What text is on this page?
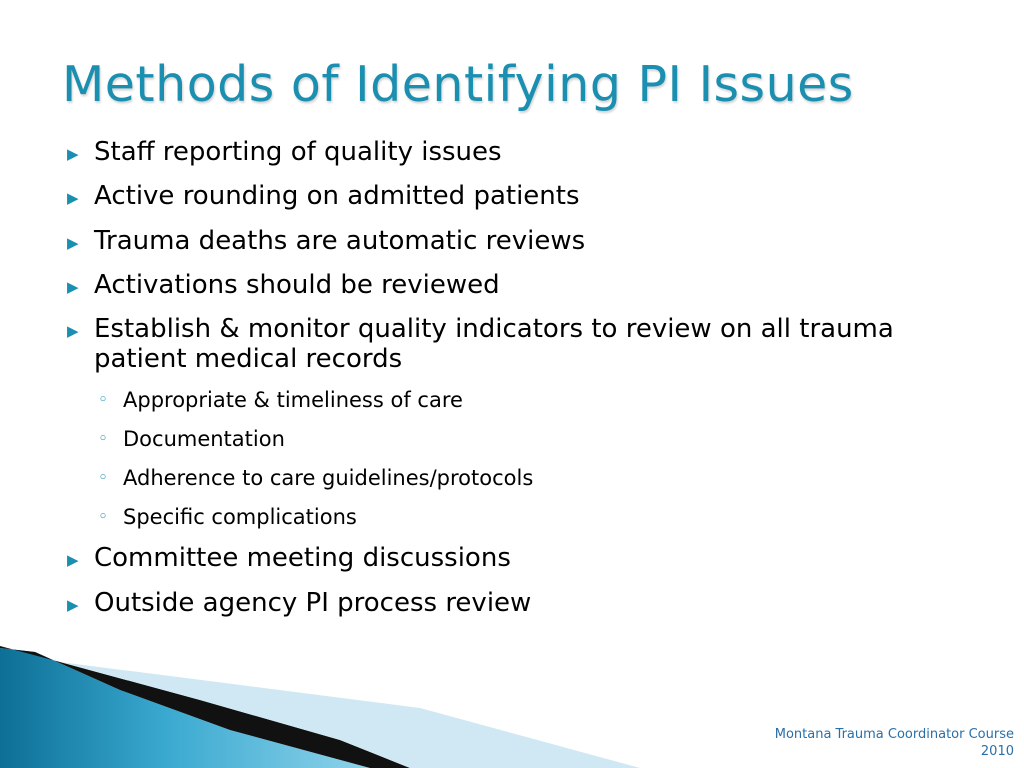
Methods of Identifying PI Issues
▶ Staff reporting of quality issues
▶ Active rounding on admitted patients
▶ Trauma deaths are automatic reviews
▶ Activations should be reviewed
▶ Establish & monitor quality indicators to review on all trauma patient medical records
◦ Appropriate & timeliness of care
◦ Documentation
◦ Adherence to care guidelines/protocols
◦ Specific complications
▶ Committee meeting discussions
▶ Outside agency PI process review
Montana Trauma Coordinator Course
2010
